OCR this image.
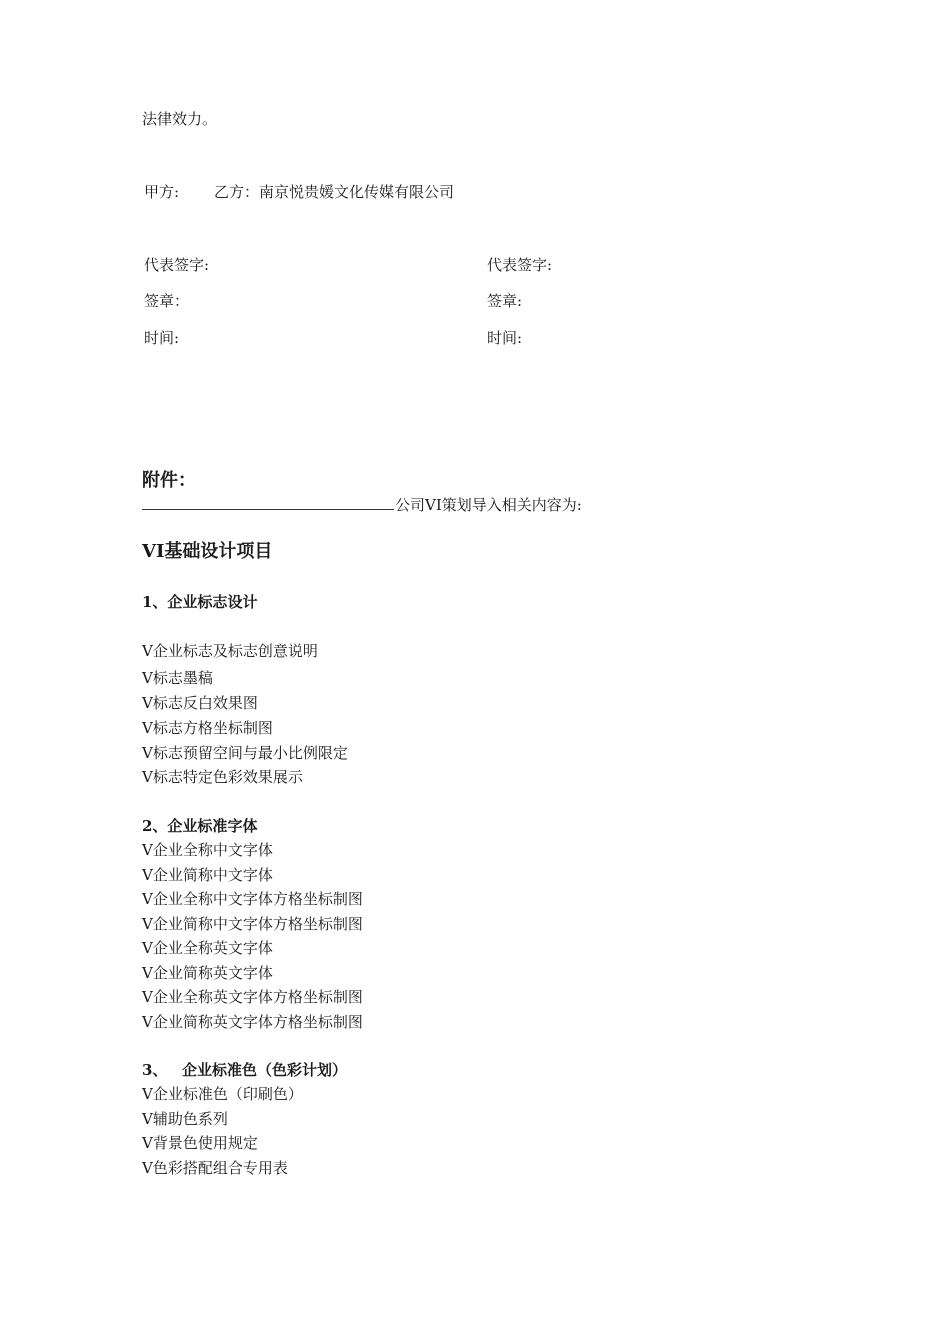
法律效力。
甲方: 乙方：南京悦贵媛文化传媒有限公司
代表签字:
签章：
时间:
代表签字:
签章:
时间:
附件：
公司VI策划导入相关内容为:
VI基础设计项目
1、企业标志设计
V企业标志及标志创意说明
V标志墨稿
V标志反白效果图
V标志方格坐标制图
V标志预留空间与最小比例限定
V标志特定色彩效果展示
2、企业标准字体
V企业全称中文字体
V企业简称中文字体
V企业全称中文字体方格坐标制图
V企业简称中文字体方格坐标制图
V企业全称英文字体
V企业简称英文字体
V企业全称英文字体方格坐标制图
V企业简称英文字体方格坐标制图
3、 企业标准色（色彩计划）
V企业标准色（印刷色）
V辅助色系列
V背景色使用规定
V色彩搭配组合专用表
